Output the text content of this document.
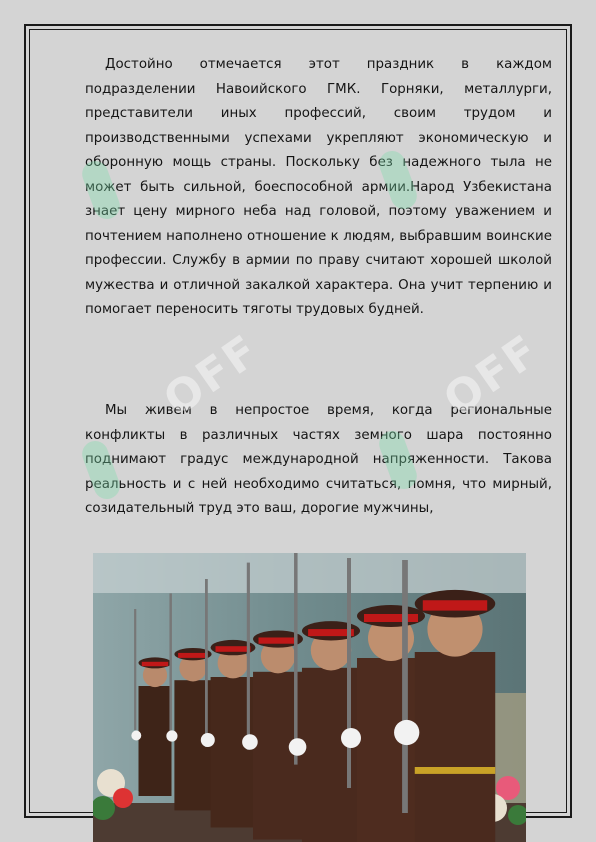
Достойно отмечается этот праздник в каждом подразделении Навоийского ГМК. Горняки, металлурги, представители иных профессий, своим трудом и производственными успехами укрепляют экономическую и оборонную мощь страны. Поскольку без надежного тыла не может быть сильной, боеспособной армии.Народ Узбекистана знает цену мирного неба над головой, поэтому уважением и почтением наполнено отношение к людям, выбравшим воинские профессии. Службу в армии по праву считают хорошей школой мужества и отличной закалкой характера. Она учит терпению и помогает переносить тяготы трудовых будней.

Мы живем в непростое время, когда региональные конфликты в различных частях земного шара постоянно поднимают градус международной напряженности. Такова реальность и с ней необходимо считаться, помня, что мирный, созидательный труд это ваш, дорогие мужчины,

OFF	OFF
